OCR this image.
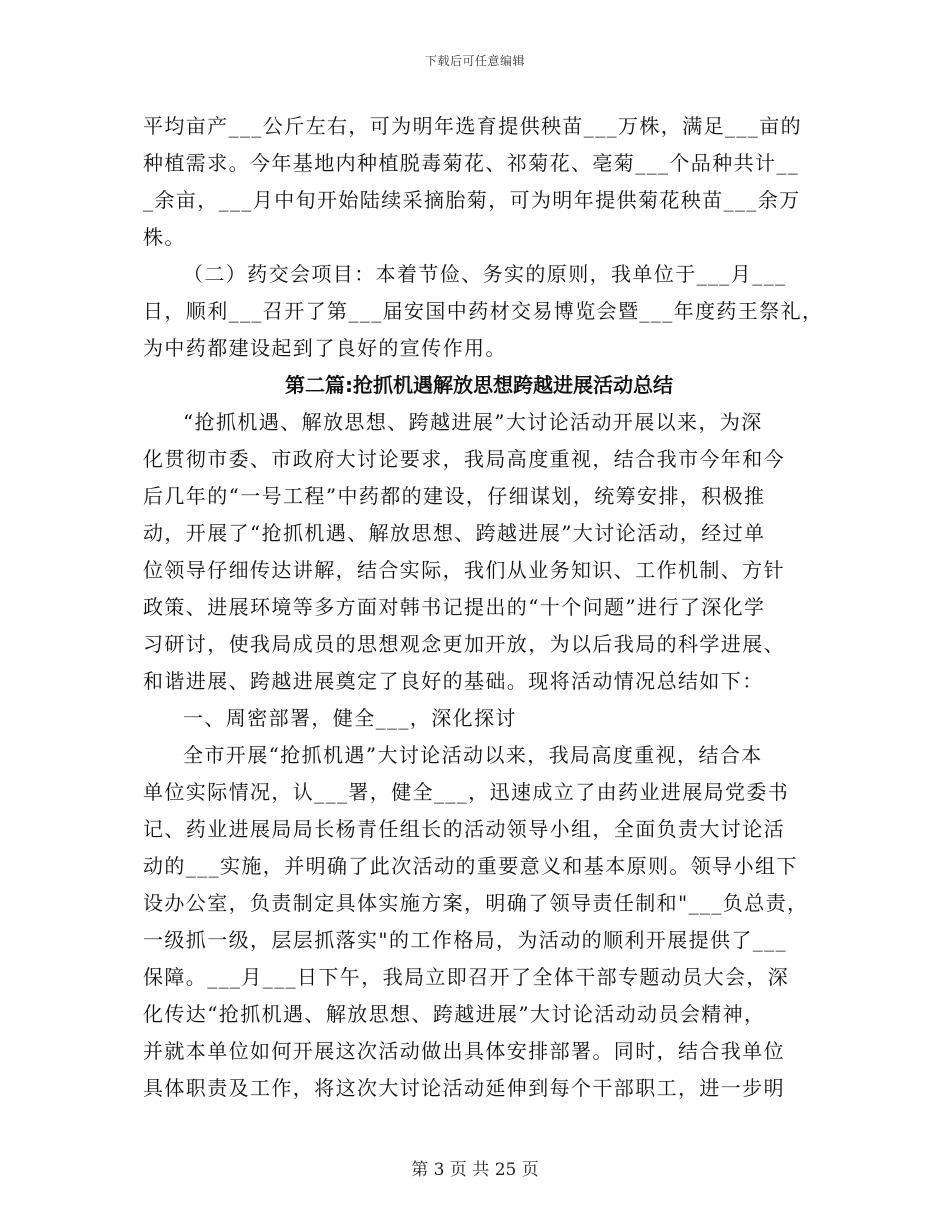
下载后可任意编辑
平均亩产___公斤左右，可为明年选育提供秧苗___万株，满足___亩的
种植需求。今年基地内种植脱毒菊花、祁菊花、亳菊___个品种共计__
_余亩，___月中旬开始陆续采摘胎菊，可为明年提供菊花秧苗___余万
株。
（二）药交会项目：本着节俭、务实的原则，我单位于___月___
日，顺利___召开了第___届安国中药材交易博览会暨___年度药王祭礼，
为中药都建设起到了良好的宣传作用。
第二篇:抢抓机遇解放思想跨越进展活动总结
“抢抓机遇、解放思想、跨越进展”大讨论活动开展以来，为深
化贯彻市委、市政府大讨论要求，我局高度重视，结合我市今年和今
后几年的“一号工程”中药都的建设，仔细谋划，统筹安排，积极推
动，开展了“抢抓机遇、解放思想、跨越进展”大讨论活动，经过单
位领导仔细传达讲解，结合实际，我们从业务知识、工作机制、方针
政策、进展环境等多方面对韩书记提出的“十个问题”进行了深化学
习研讨，使我局成员的思想观念更加开放，为以后我局的科学进展、
和谐进展、跨越进展奠定了良好的基础。现将活动情况总结如下：
一、周密部署，健全___，深化探讨
全市开展“抢抓机遇”大讨论活动以来，我局高度重视，结合本
单位实际情况，认___署，健全___，迅速成立了由药业进展局党委书
记、药业进展局局长杨青任组长的活动领导小组，全面负责大讨论活
动的___实施，并明确了此次活动的重要意义和基本原则。领导小组下
设办公室，负责制定具体实施方案，明确了领导责任制和"___负总责，
一级抓一级，层层抓落实"的工作格局，为活动的顺利开展提供了___
保障。___月___日下午，我局立即召开了全体干部专题动员大会，深
化传达“抢抓机遇、解放思想、跨越进展”大讨论活动动员会精神，
并就本单位如何开展这次活动做出具体安排部署。同时，结合我单位
具体职责及工作，将这次大讨论活动延伸到每个干部职工，进一步明
第 3 页 共 25 页
